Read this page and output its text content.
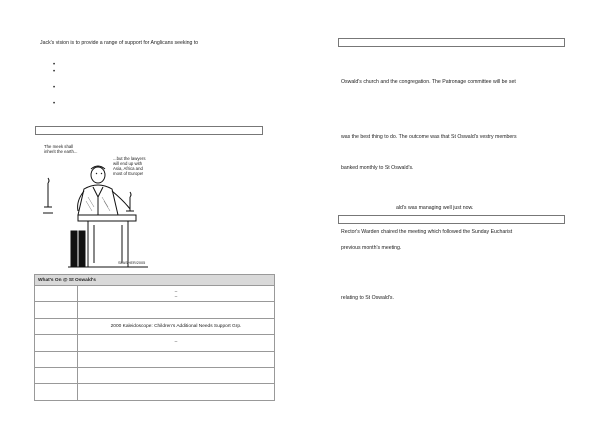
Jack's vision is to provide a range of support for Anglicans seeking to
•
•
•
•
The meek shall
inherit the earth...
...but the lawyers
will end up with
Asia, Africa and
most of Europe!
SLASHER/2005
What's On @ St Oswald's	

	–
–

	2000 Kaleidoscope: Children's Additional Needs Support Grp.
	–

Oswald's church and the congregation. The Patronage committee will be set
was the best thing to do. The outcome was that St Oswald's vestry members
banked monthly to St Oswald's.
ald's was managing well just now.
Rector's Warden chaired the meeting which followed the Sunday Eucharist
previous month's meeting.
relating to St Oswald's.
